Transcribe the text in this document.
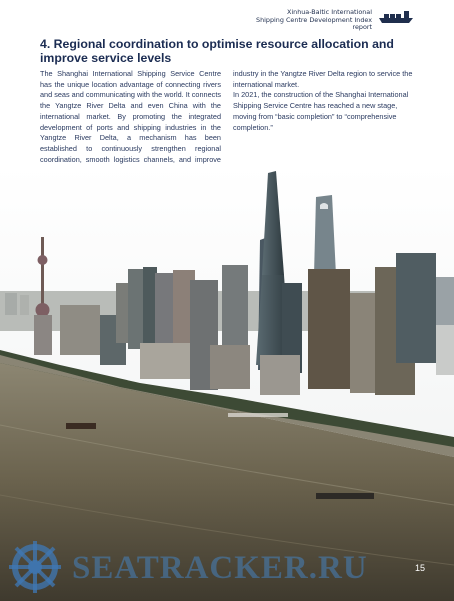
Xinhua-Baltic International
Shipping Centre Development Index report
4. Regional coordination to optimise resource allocation and improve service levels
The Shanghai International Shipping Service Centre has the unique location advantage of connecting rivers and seas and communicating with the world. It connects the Yangtze River Delta and even China with the international market. By promoting the integrated development of ports and shipping industries in the Yangtze River Delta, a mechanism has been established to continuously strengthen regional coordination, smooth logistics channels, and improve
industry in the Yangtze River Delta region to service the international market.
In 2021, the construction of the Shanghai International Shipping Service Centre has reached a new stage, moving from “basic completion” to “comprehensive completion.”
SEATRACKER.RU	15
